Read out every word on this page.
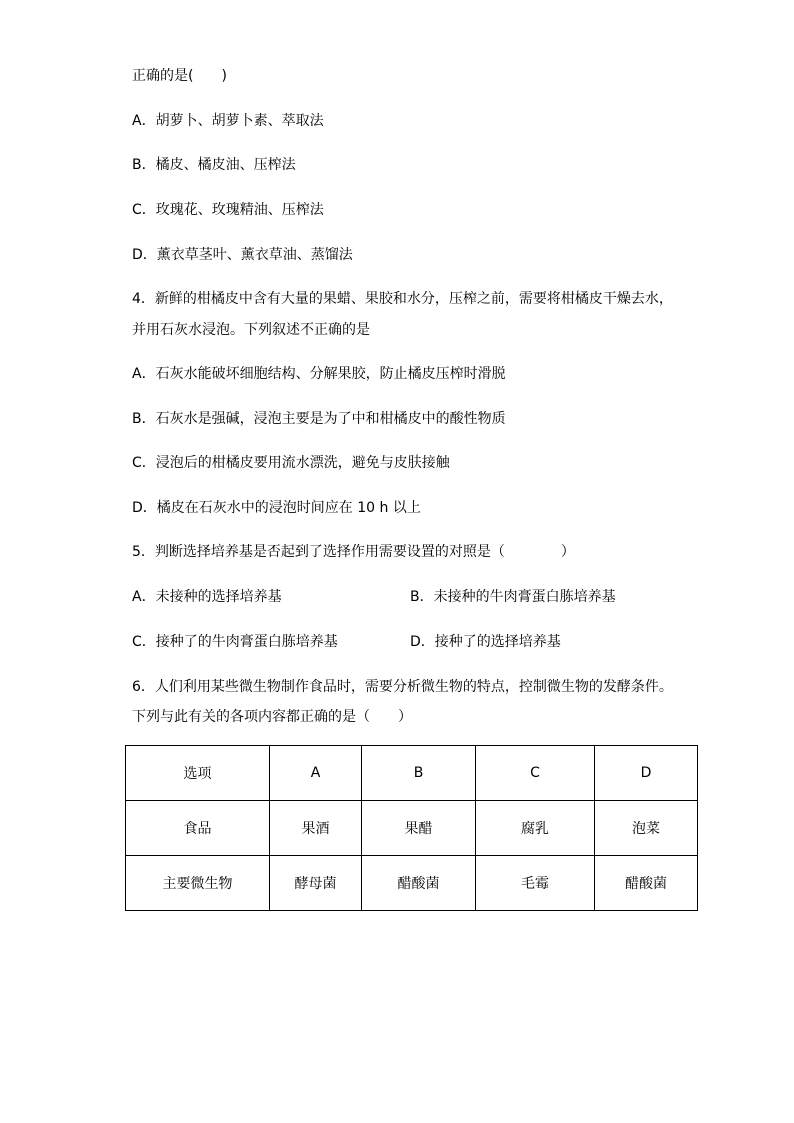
正确的是(　　)
A．胡萝卜、胡萝卜素、萃取法
B．橘皮、橘皮油、压榨法
C．玫瑰花、玫瑰精油、压榨法
D．薰衣草茎叶、薰衣草油、蒸馏法
4．新鲜的柑橘皮中含有大量的果蜡、果胶和水分，压榨之前，需要将柑橘皮干燥去水，
并用石灰水浸泡。下列叙述不正确的是
A．石灰水能破坏细胞结构、分解果胶，防止橘皮压榨时滑脱
B．石灰水是强碱，浸泡主要是为了中和柑橘皮中的酸性物质
C．浸泡后的柑橘皮要用流水漂洗，避免与皮肤接触
D．橘皮在石灰水中的浸泡时间应在 10 h 以上
5．判断选择培养基是否起到了选择作用需要设置的对照是（　　　　）
A．未接种的选择培养基	B．未接种的牛肉膏蛋白胨培养基
C．接种了的牛肉膏蛋白胨培养基	D．接种了的选择培养基
6．人们利用某些微生物制作食品时，需要分析微生物的特点，控制微生物的发酵条件。
下列与此有关的各项内容都正确的是（　　）
选项	A	B	C	D
食品	果酒	果醋	腐乳	泡菜
主要微生物	酵母菌	醋酸菌	毛霉	醋酸菌
